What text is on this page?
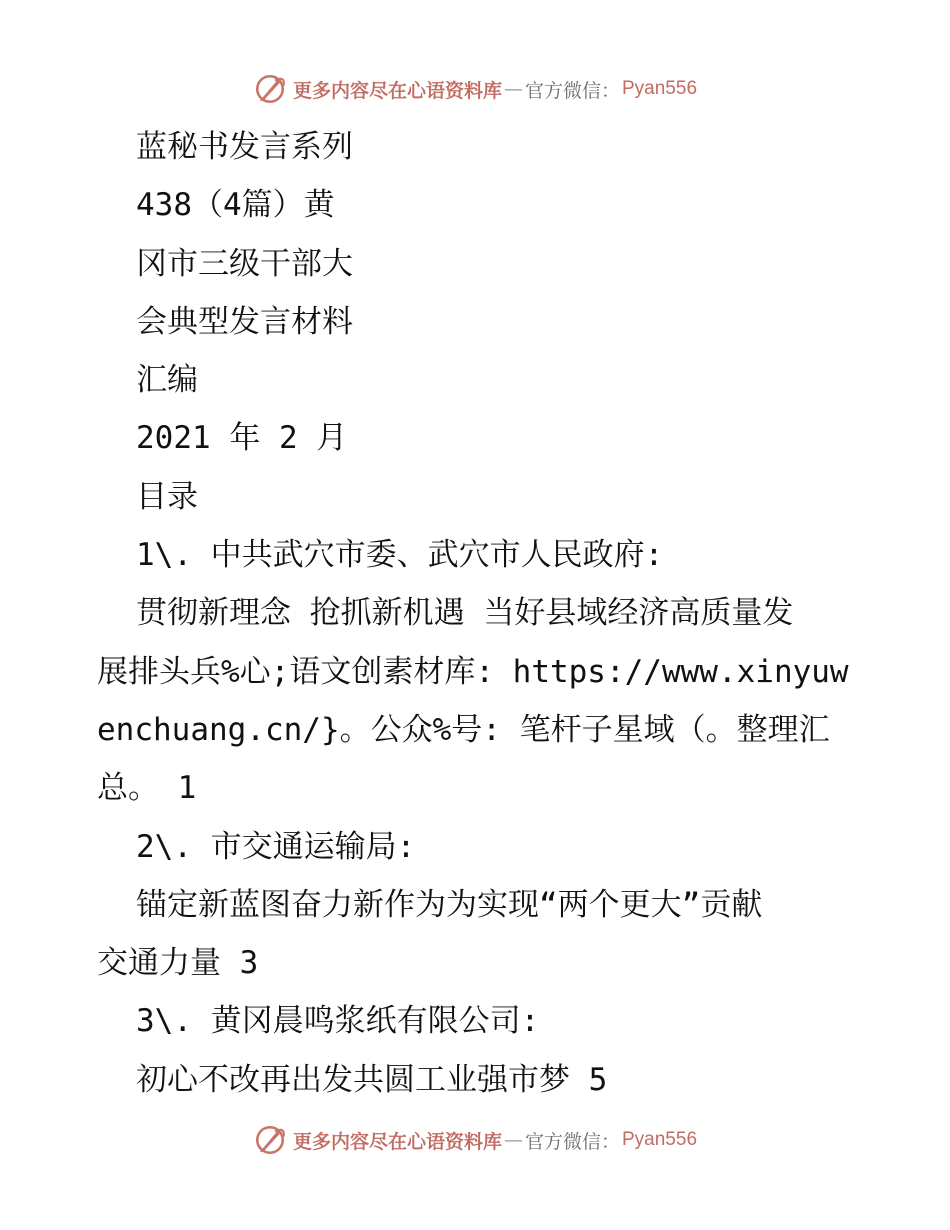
更多内容尽在心语资料库 — 官方微信： Pyan556
蓝秘书发言系列
438（4篇）黄
冈市三级干部大
会典型发言材料
汇编
2021 年 2 月
目录
1\. 中共武穴市委、武穴市人民政府:
贯彻新理念 抢抓新机遇 当好县域经济高质量发
展排头兵%心;语文创素材库: https://www.xinyuw
enchuang.cn/}。公众%号: 笔杆子星域（。整理汇
总。 1
2\. 市交通运输局:
锚定新蓝图奋力新作为为实现“两个更大”贡献
交通力量 3
3\. 黄冈晨鸣浆纸有限公司:
初心不改再出发共圆工业强市梦 5
更多内容尽在心语资料库 — 官方微信： Pyan556
